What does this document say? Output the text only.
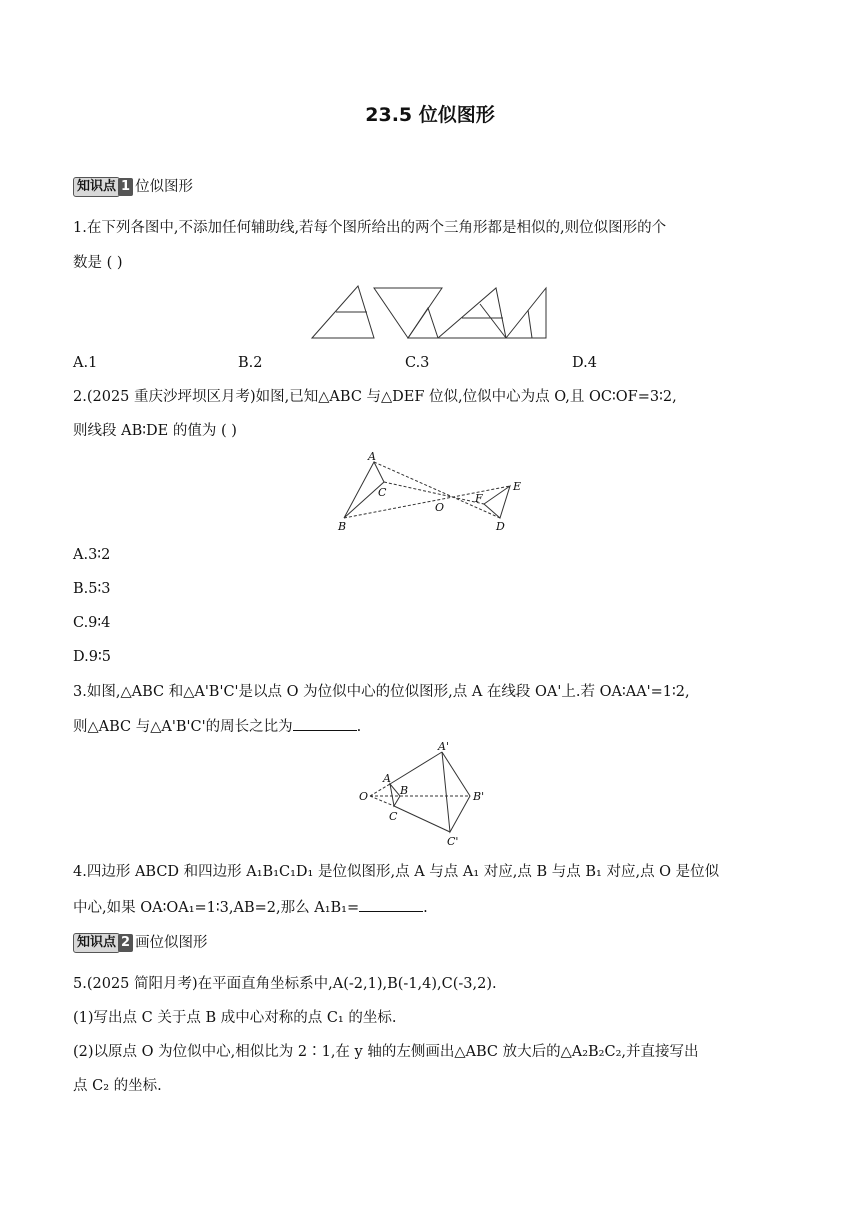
23.5 位似图形
知识点 1 位似图形
1.在下列各图中,不添加任何辅助线,若每个图所给出的两个三角形都是相似的,则位似图形的个
数是 ( )
A.1	B.2	C.3	D.4
2.(2025 重庆沙坪坝区月考)如图,已知△ABC 与△DEF 位似,位似中心为点 O,且 OC∶OF=3∶2,
则线段 AB∶DE 的值为 ( )
A
B
C
O
F
E
D
A.3∶2
B.5∶3
C.9∶4
D.9∶5
3.如图,△ABC 和△A'B'C'是以点 O 为位似中心的位似图形,点 A 在线段 OA'上.若 OA∶AA'=1∶2,
则△ABC 与△A'B'C'的周长之比为	.
A'
A
B
O	B'
C
C'
4.四边形 ABCD 和四边形 A₁B₁C₁D₁ 是位似图形,点 A 与点 A₁ 对应,点 B 与点 B₁ 对应,点 O 是位似
中心,如果 OA∶OA₁=1∶3,AB=2,那么 A₁B₁=	.
知识点 2 画位似图形
5.(2025 简阳月考)在平面直角坐标系中,A(-2,1),B(-1,4),C(-3,2).
(1)写出点 C 关于点 B 成中心对称的点 C₁ 的坐标.
(2)以原点 O 为位似中心,相似比为 2∶1,在 y 轴的左侧画出△ABC 放大后的△A₂B₂C₂,并直接写出
点 C₂ 的坐标.
